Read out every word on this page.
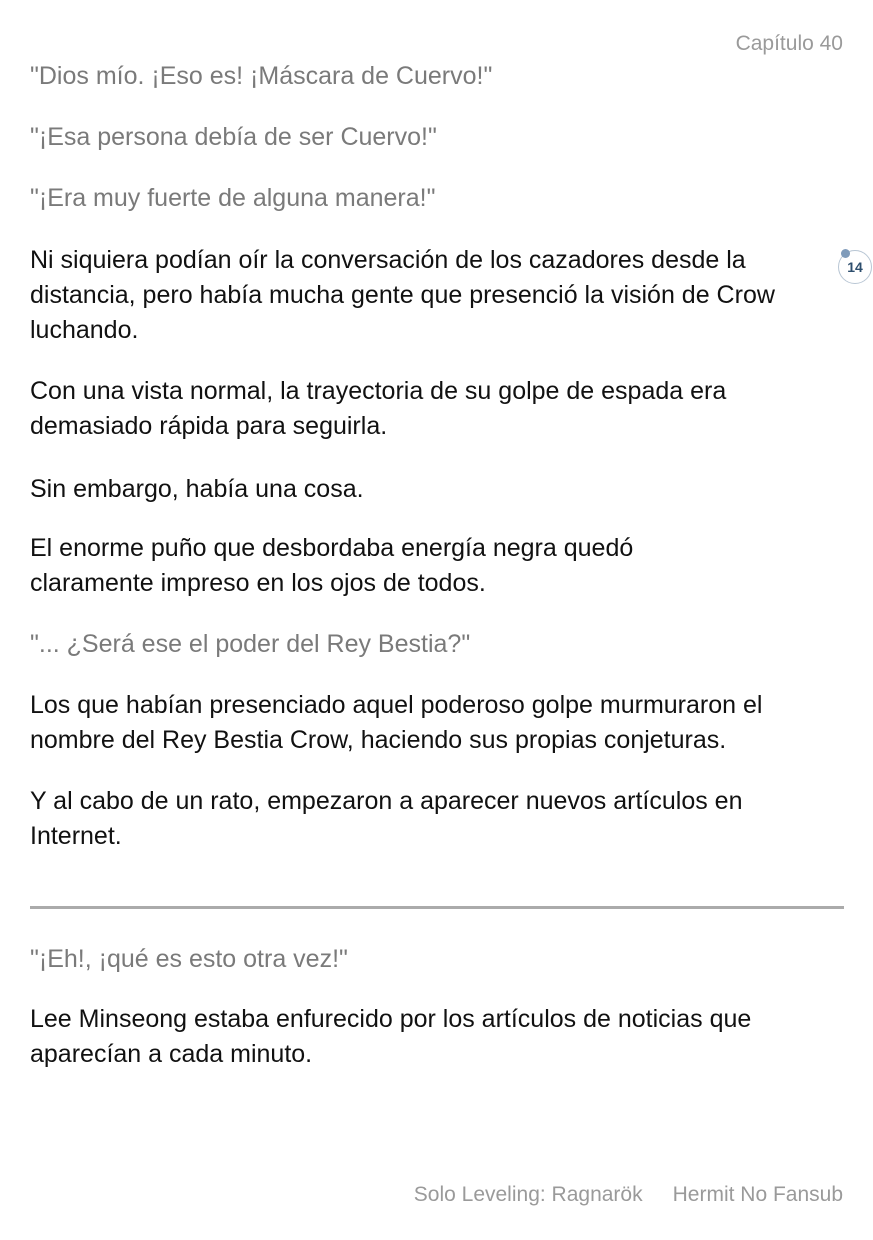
Capítulo 40

"Dios mío. ¡Eso es! ¡Máscara de Cuervo!"

"¡Esa persona debía de ser Cuervo!"

"¡Era muy fuerte de alguna manera!"

Ni siquiera podían oír la conversación de los cazadores desde la distancia, pero había mucha gente que presenció la visión de Crow luchando.

14

Con una vista normal, la trayectoria de su golpe de espada era demasiado rápida para seguirla.

Sin embargo, había una cosa.

El enorme puño que desbordaba energía negra quedó claramente impreso en los ojos de todos.

"... ¿Será ese el poder del Rey Bestia?"

Los que habían presenciado aquel poderoso golpe murmuraron el nombre del Rey Bestia Crow, haciendo sus propias conjeturas.

Y al cabo de un rato, empezaron a aparecer nuevos artículos en Internet.

"¡Eh!, ¡qué es esto otra vez!"

Lee Minseong estaba enfurecido por los artículos de noticias que aparecían a cada minuto.

Solo Leveling: Ragnarök Hermit No Fansub
